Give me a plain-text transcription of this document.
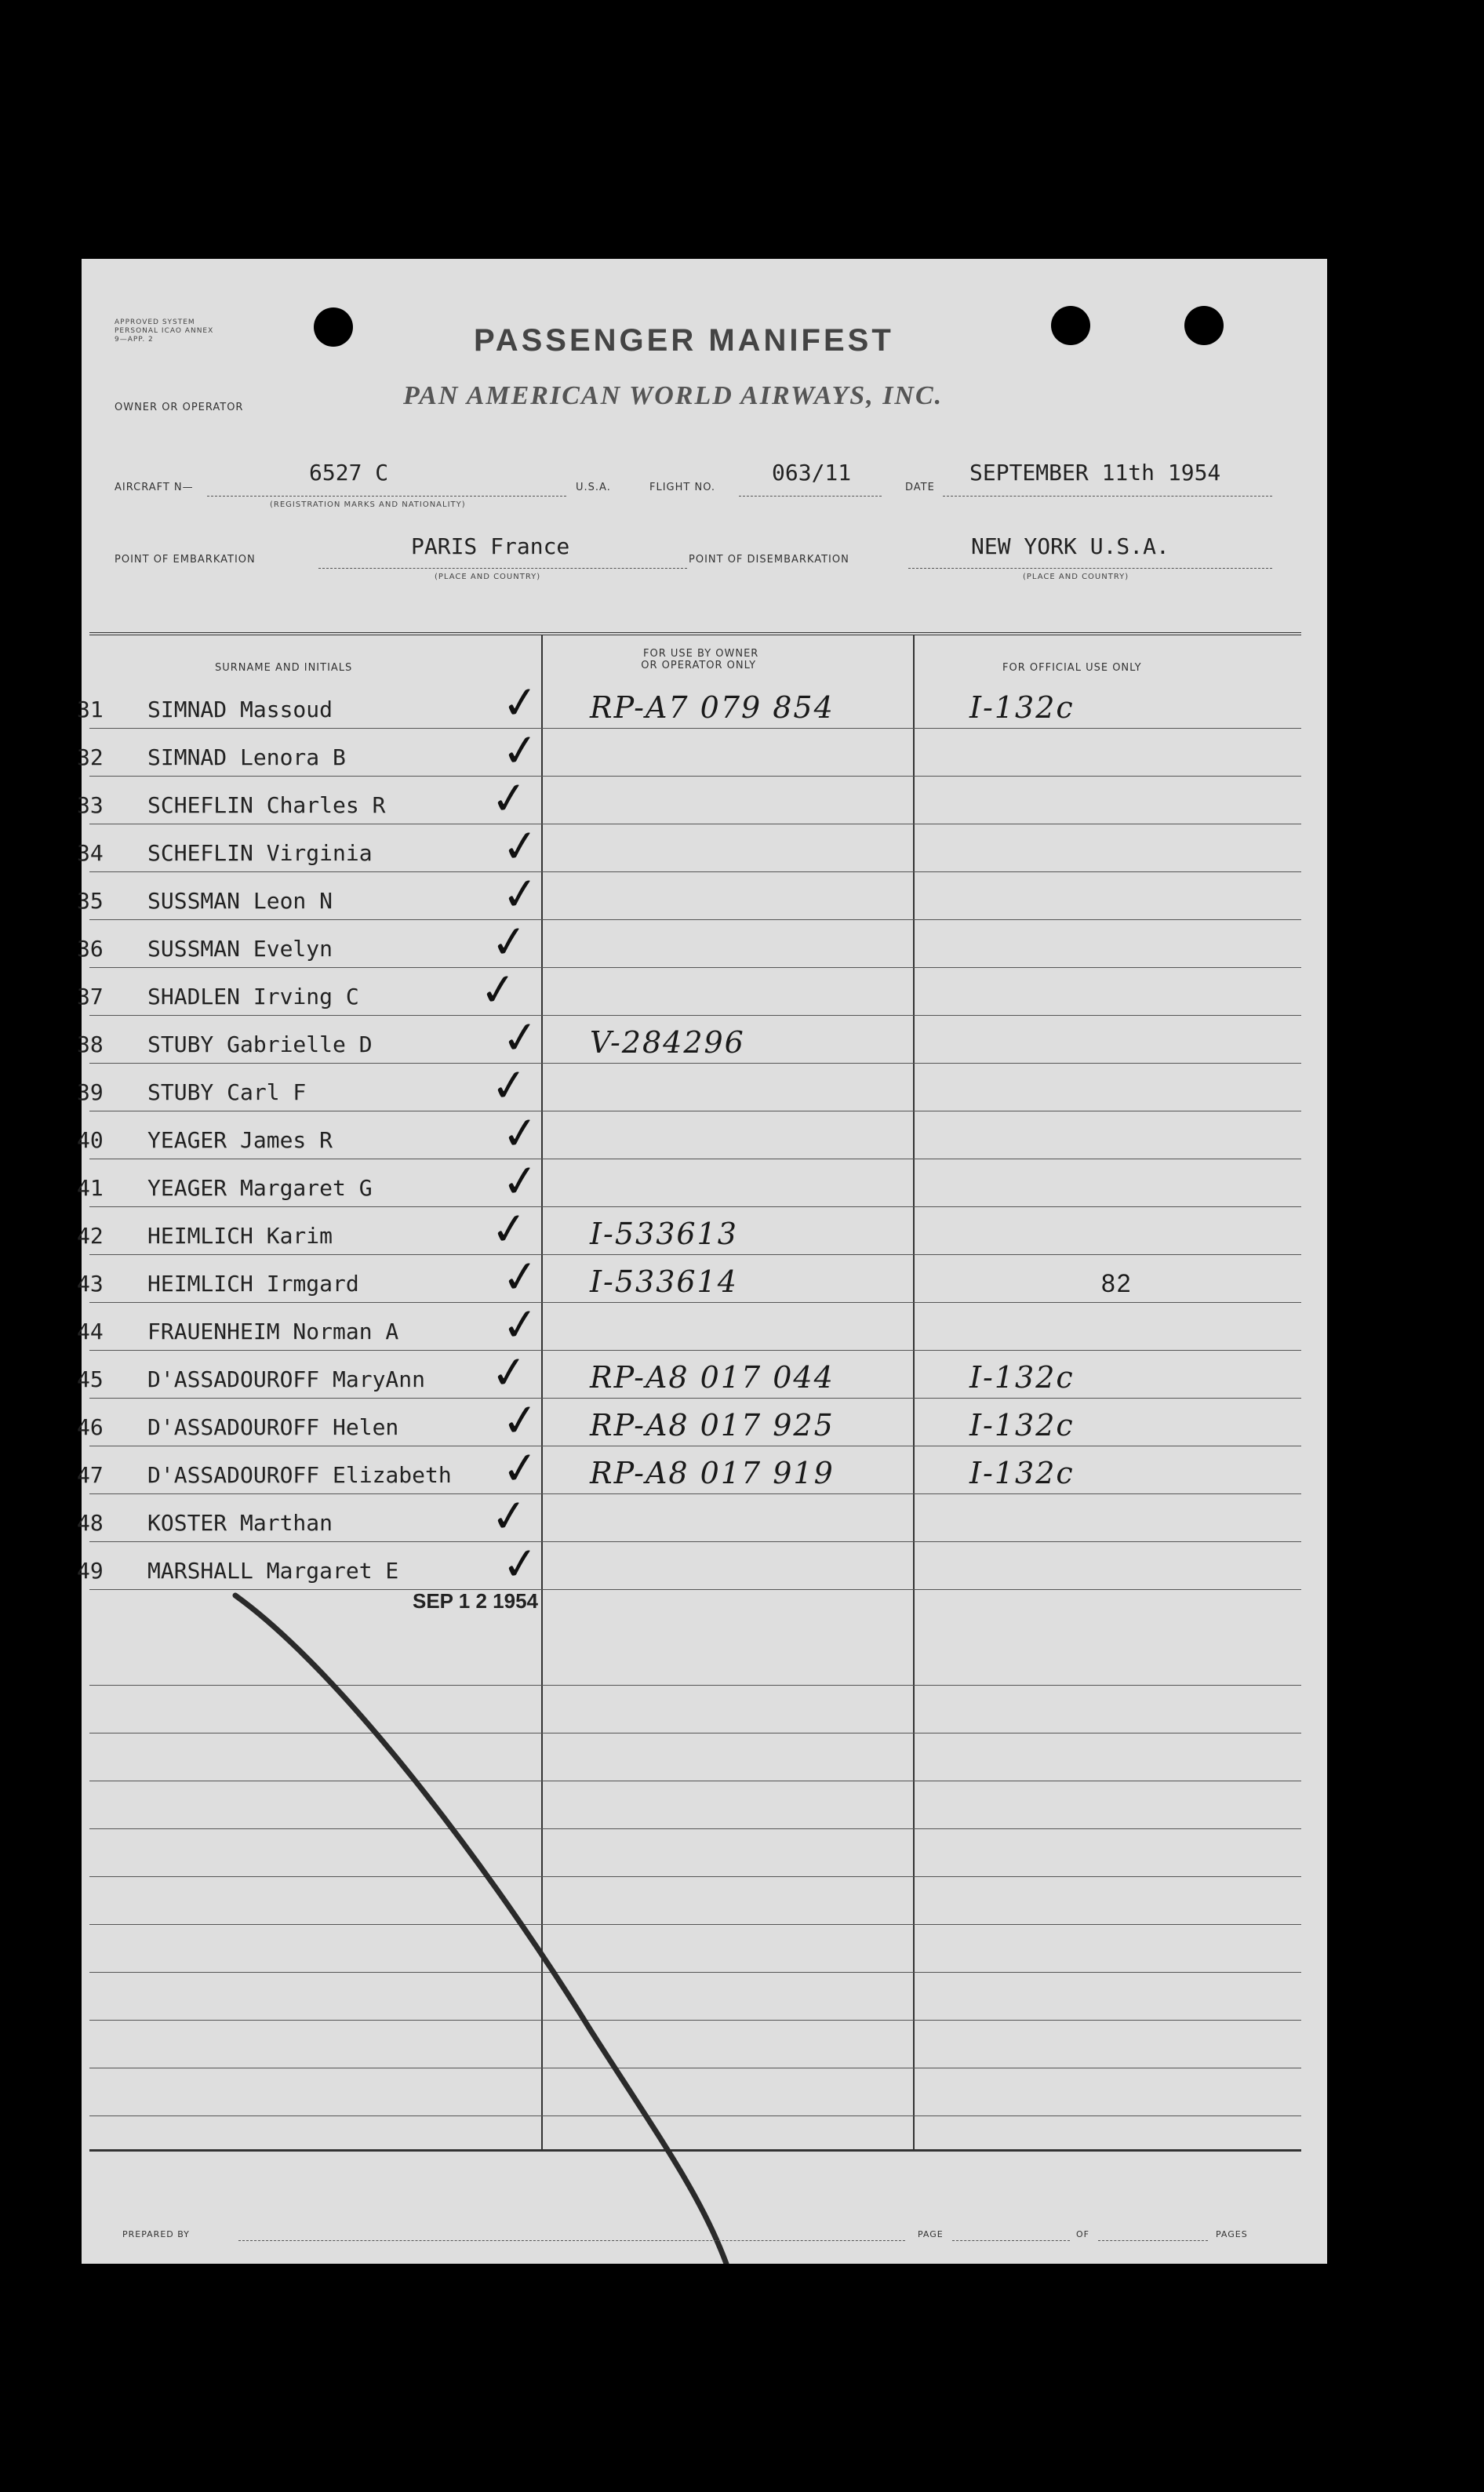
APPROVED SYSTEM PERSONAL ICAO ANNEX 9—APP. 2	PASSENGER MANIFEST
OWNER OR OPERATOR	PAN AMERICAN WORLD AIRWAYS, INC.
AIRCRAFT N—
6527 C
(REGISTRATION MARKS AND NATIONALITY)
U.S.A.	FLIGHT NO.
063/11
DATE
SEPTEMBER 11th 1954
POINT OF EMBARKATION
PARIS France
(PLACE AND COUNTRY)
POINT OF DISEMBARKATION
NEW YORK U.S.A.
(PLACE AND COUNTRY)
SURNAME AND INITIALS
FOR USE BY OWNER
OR OPERATOR ONLY	FOR OFFICIAL USE ONLY
31 SIMNAD Massoud	✓ RP-A7 079 854	I-132c
32 SIMNAD Lenora B	✓
33 SCHEFLIN Charles R ✓
34 SCHEFLIN Virginia	✓
35 SUSSMAN Leon N	✓
36 SUSSMAN Evelyn	✓
37 SHADLEN Irving C	✓
38 STUBY Gabrielle D	✓ V-284296
39 STUBY Carl F	✓
40 YEAGER James R	✓
41 YEAGER Margaret G	✓
42 HEIMLICH Karim	✓ I-533613
43 HEIMLICH Irmgard	✓ I-533614	82
44 FRAUENHEIM Norman A ✓
45 D'ASSADOUROFF MaryAnn ✓ RP-A8 017 044	I-132c
46 D'ASSADOUROFF Helen ✓ RP-A8 017 925	I-132c
47 D'ASSADOUROFF Elizabeth ✓ RP-A8 017 919	I-132c
48 KOSTER Marthan	✓
49 MARSHALL Margaret E ✓
SEP 1 2 1954
PREPARED BY	PAGE	OF	PAGES
